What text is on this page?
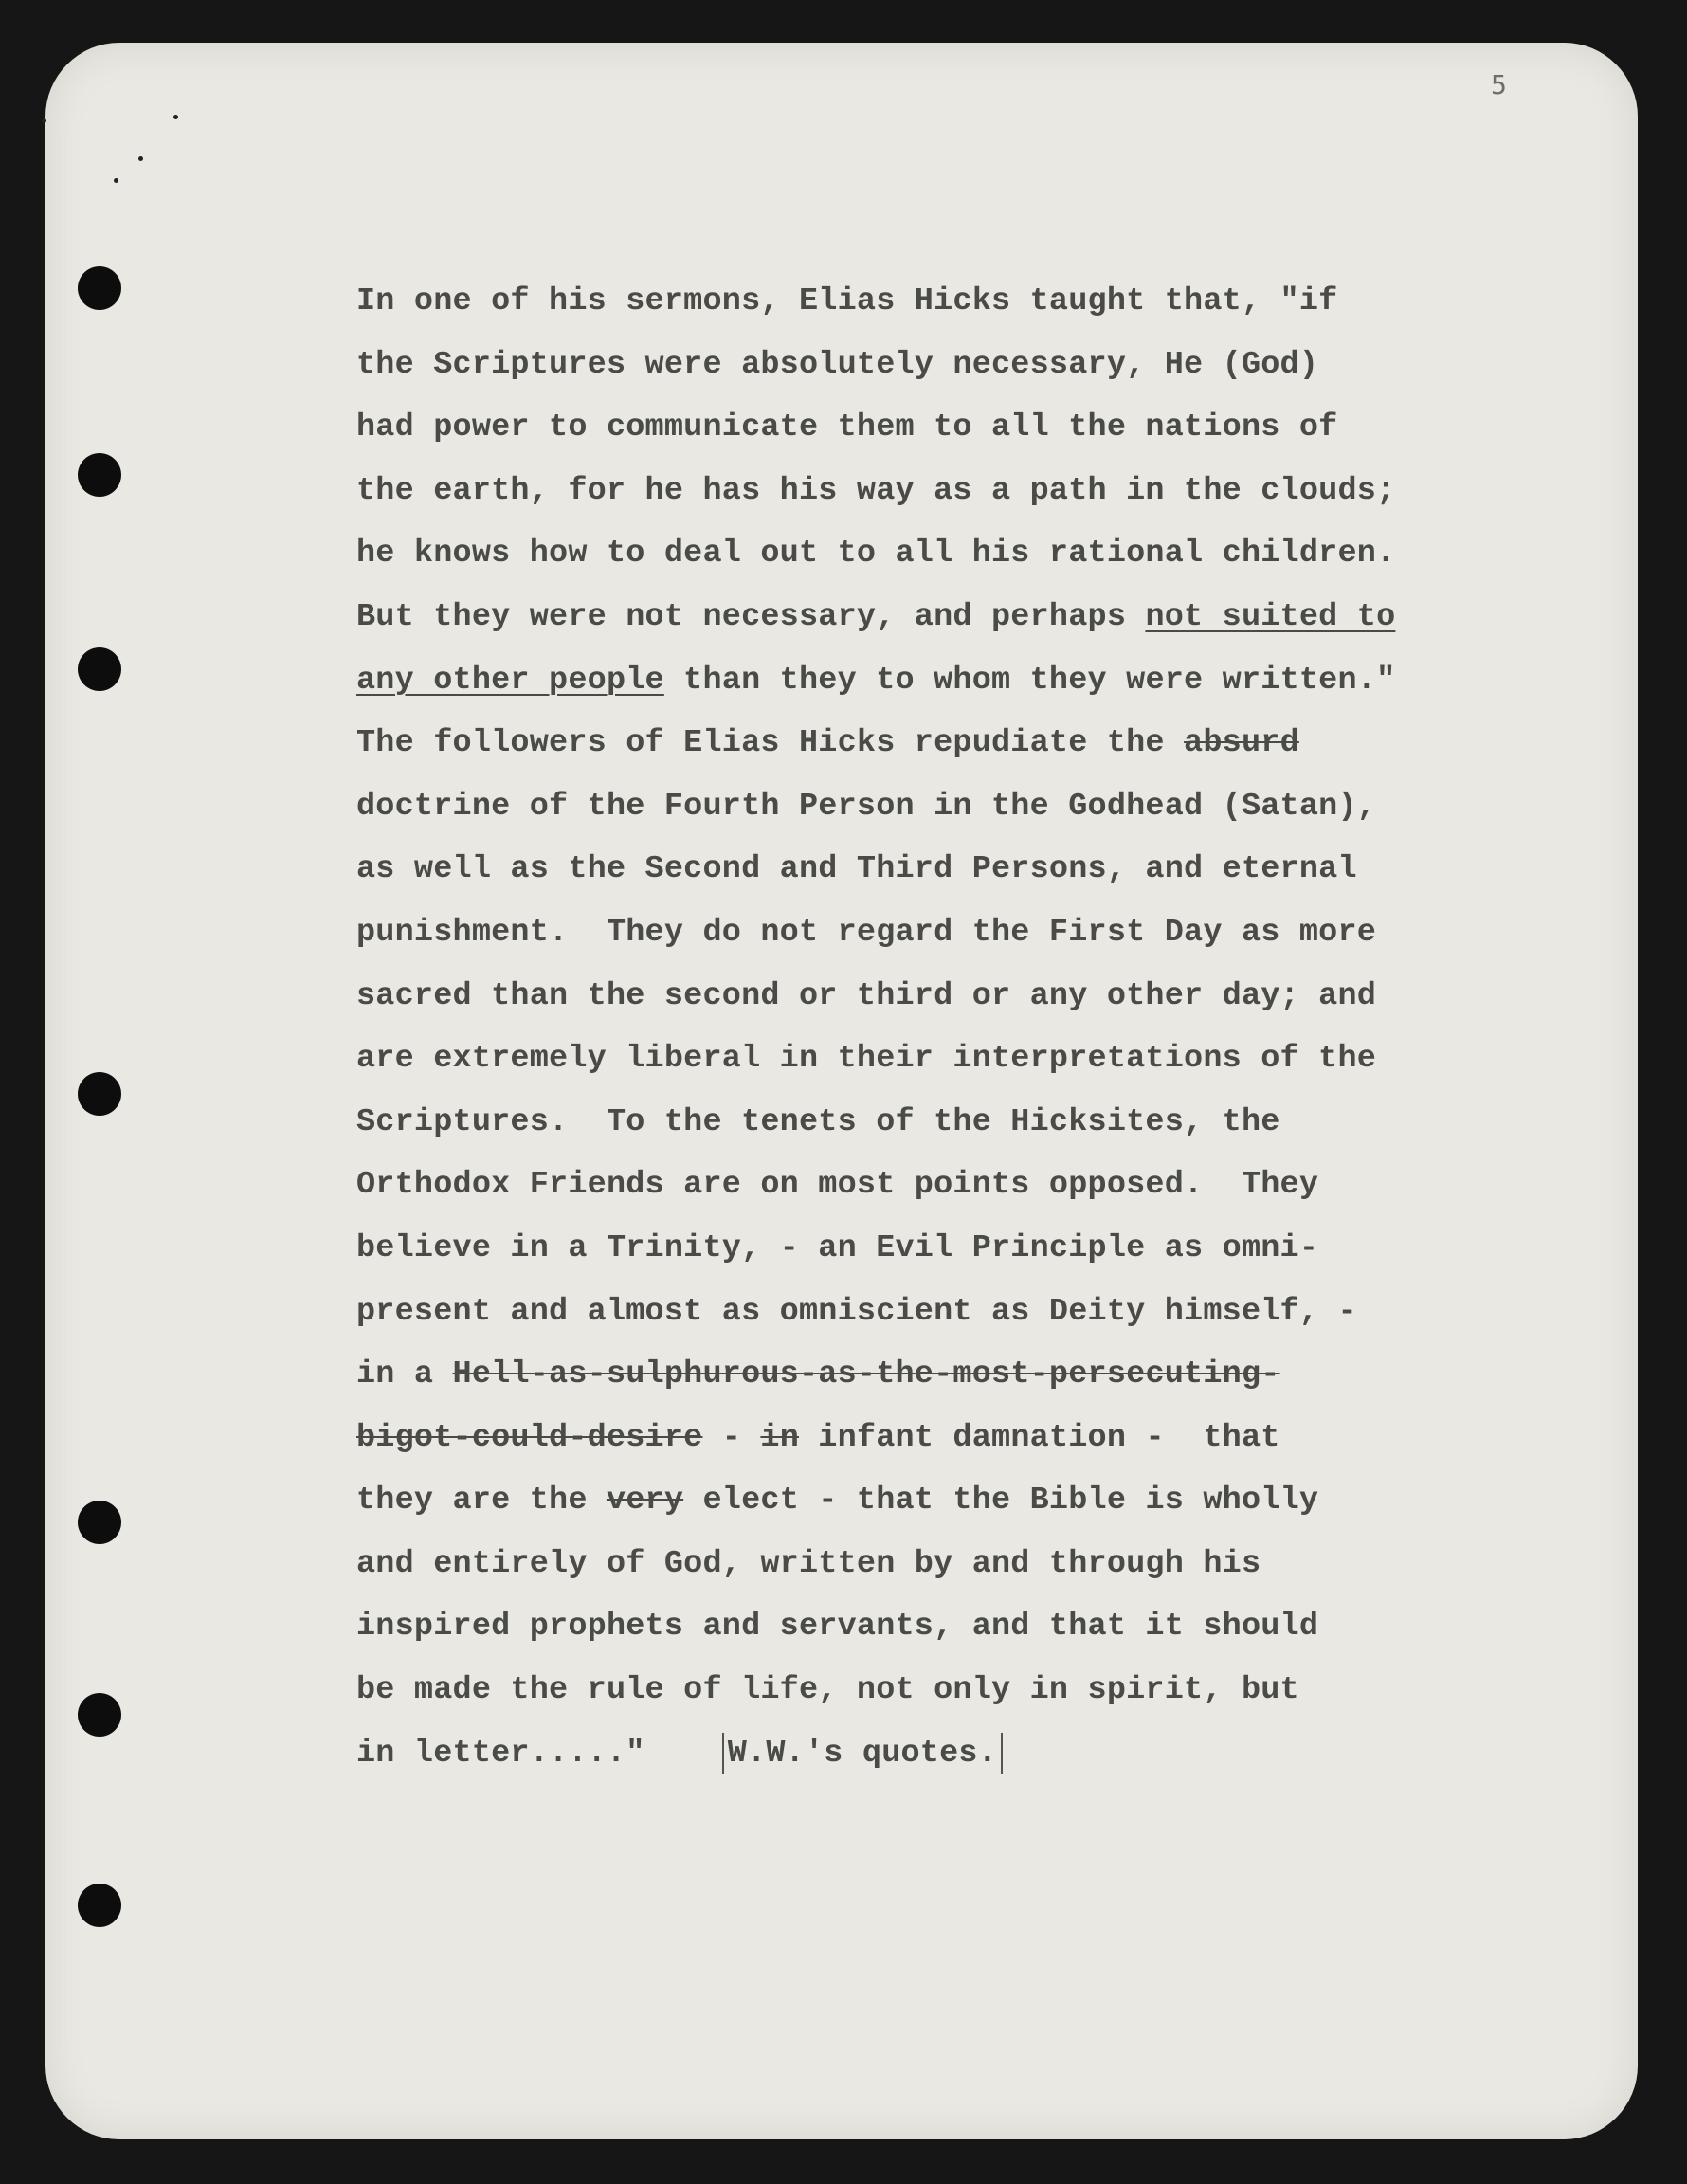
5
In one of his sermons, Elias Hicks taught that, "if
the Scriptures were absolutely necessary, He (God)
had power to communicate them to all the nations of
the earth, for he has his way as a path in the clouds;
he knows how to deal out to all his rational children.
But they were not necessary, and perhaps not suited to
any other people than they to whom they were written."
The followers of Elias Hicks repudiate the absurd
doctrine of the Fourth Person in the Godhead (Satan),
as well as the Second and Third Persons, and eternal
punishment.  They do not regard the First Day as more
sacred than the second or third or any other day; and
are extremely liberal in their interpretations of the
Scriptures.  To the tenets of the Hicksites, the
Orthodox Friends are on most points opposed.  They
believe in a Trinity, - an Evil Principle as omni-
present and almost as omniscient as Deity himself, -
in a Hell-as-sulphurous-as-the-most-persecuting-
bigot-could-desire - in infant damnation -  that
they are the very elect - that the Bible is wholly
and entirely of God, written by and through his
inspired prophets and servants, and that it should
be made the rule of life, not only in spirit, but
in letter....."    W.W.'s quotes.
